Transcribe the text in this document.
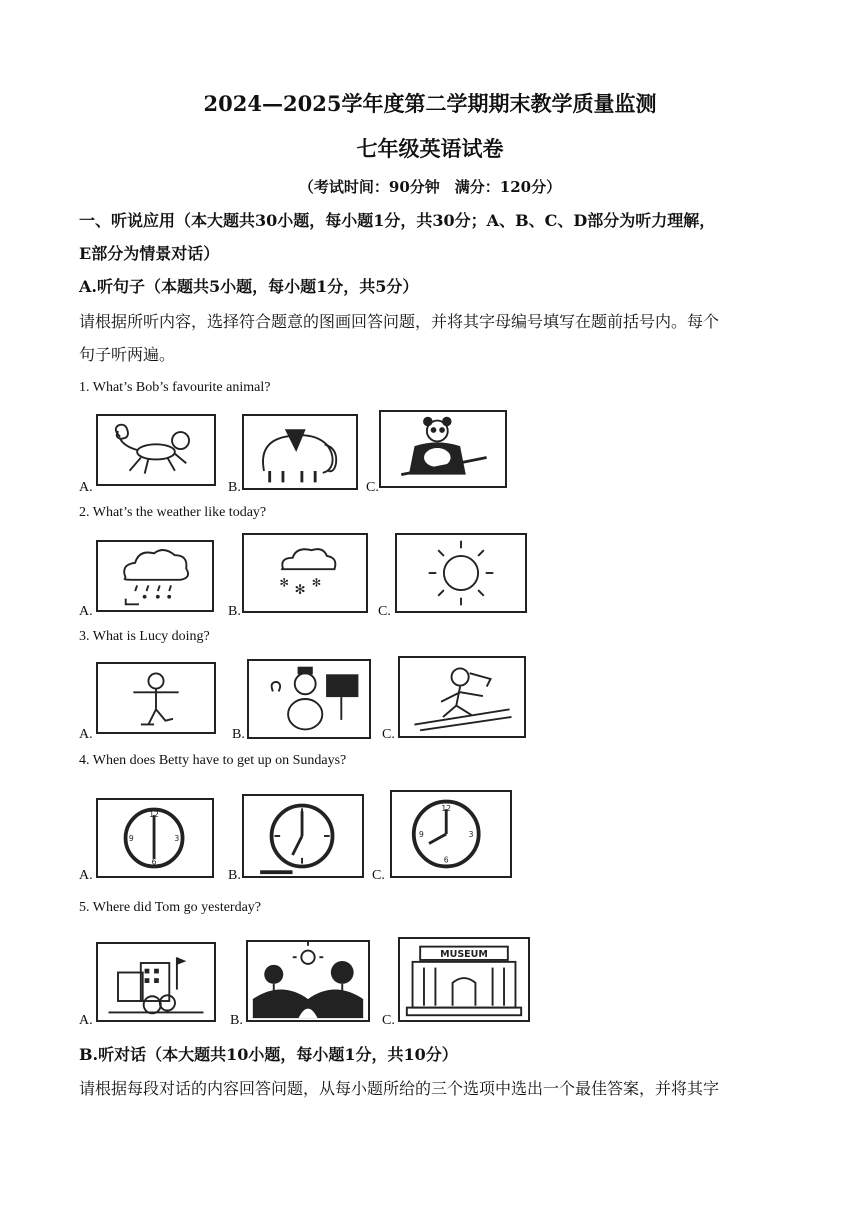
2024—2025学年度第二学期期末教学质量监测
七年级英语试卷
（考试时间：90分钟　满分：120分）
一、听说应用（本大题共30小题，每小题1分，共30分；A、B、C、D部分为听力理解，
E部分为情景对话）
A.听句子（本题共5小题，每小题1分，共5分）
请根据所听内容，选择符合题意的图画回答问题，并将其字母编号填写在题前括号内。每个
句子听两遍。
1. What’s Bob’s favourite animal?
A.	B.	C.
2. What’s the weather like today?
A.
✻
✻
✻
B.	C.
3. What is Lucy doing?
A.	B.	C.
4. When does Betty have to get up on Sundays?
12
3
6
9
A.	B.
12
3
6
9
C.
5. Where did Tom go yesterday?
A.	B.
MUSEUM
C.
B.听对话（本大题共10小题，每小题1分，共10分）
请根据每段对话的内容回答问题，从每小题所给的三个选项中选出一个最佳答案，并将其字
